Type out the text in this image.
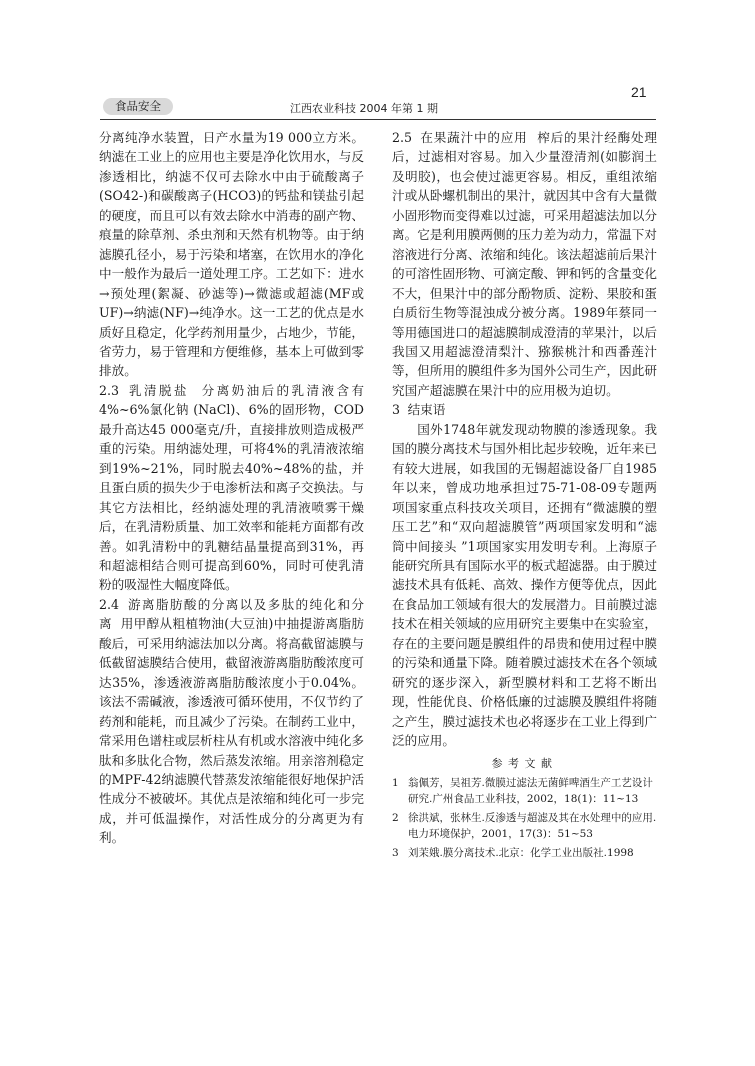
21
食品安全	江西农业科技 2004 年第 1 期

分离纯净水装置，日产水量为19 000立方米。纳滤在工业上的应用也主要是净化饮用水，与反渗透相比，纳滤不仅可去除水中由于硫酸离子(SO42-)和碳酸离子(HCO3)的钙盐和镁盐引起的硬度，而且可以有效去除水中消毒的副产物、痕量的除草剂、杀虫剂和天然有机物等。由于纳滤膜孔径小，易于污染和堵塞，在饮用水的净化中一般作为最后一道处理工序。工艺如下：进水→预处理(絮凝、砂滤等)→微滤或超滤(MF或UF)→纳滤(NF)→纯净水。这一工艺的优点是水质好且稳定，化学药剂用量少，占地少，节能，省劳力，易于管理和方便维修，基本上可做到零排放。

2.3 乳清脱盐 分离奶油后的乳清液含有4%~6%氯化钠 (NaCl)、6%的固形物，COD最升高达45 000毫克/升，直接排放则造成极严重的污染。用纳滤处理，可将4%的乳清液浓缩到19%~21%，同时脱去40%~48%的盐，并且蛋白质的损失少于电渗析法和离子交换法。与其它方法相比，经纳滤处理的乳清液喷雾干燥后，在乳清粉质量、加工效率和能耗方面都有改善。如乳清粉中的乳糖结晶量提高到31%，再和超滤相结合则可提高到60%，同时可使乳清粉的吸湿性大幅度降低。

2.4 游离脂肪酸的分离以及多肽的纯化和分离 用甲醇从粗植物油(大豆油)中抽提游离脂肪酸后，可采用纳滤法加以分离。将高截留滤膜与低截留滤膜结合使用，截留液游离脂肪酸浓度可达35%，渗透液游离脂肪酸浓度小于0.04%。该法不需碱液，渗透液可循环使用，不仅节约了药剂和能耗，而且减少了污染。在制药工业中，常采用色谱柱或层析柱从有机或水溶液中纯化多肽和多肽化合物，然后蒸发浓缩。用亲溶剂稳定的MPF-42纳滤膜代替蒸发浓缩能很好地保护活性成分不被破坏。其优点是浓缩和纯化可一步完成，并可低温操作，对活性成分的分离更为有利。

2.5 在果蔬汁中的应用 榨后的果汁经酶处理后，过滤相对容易。加入少量澄清剂(如膨润土及明胶)，也会使过滤更容易。相反，重组浓缩汁或从卧螺机制出的果汁，就因其中含有大量微小固形物而变得难以过滤，可采用超滤法加以分离。它是利用膜两侧的压力差为动力，常温下对溶液进行分离、浓缩和纯化。该法超滤前后果汁的可溶性固形物、可滴定酸、钾和钙的含量变化不大，但果汁中的部分酚物质、淀粉、果胶和蛋白质衍生物等混浊成分被分离。1989年蔡同一等用德国进口的超滤膜制成澄清的苹果汁，以后我国又用超滤澄清梨汁、猕猴桃汁和西番莲汁等，但所用的膜组件多为国外公司生产，因此研究国产超滤膜在果汁中的应用极为迫切。

3 结束语

国外1748年就发现动物膜的渗透现象。我国的膜分离技术与国外相比起步较晚，近年来已有较大进展，如我国的无锡超滤设备厂自1985年以来，曾成功地承担过75-71-08-09专题两项国家重点科技攻关项目，还拥有“微滤膜的塑压工艺”和“双向超滤膜管”两项国家发明和“滤筒中间接头 ”1项国家实用发明专利。上海原子能研究所具有国际水平的板式超滤器。由于膜过滤技术具有低耗、高效、操作方便等优点，因此在食品加工领域有很大的发展潜力。目前膜过滤技术在相关领域的应用研究主要集中在实验室，存在的主要问题是膜组件的昂贵和使用过程中膜的污染和通量下降。随着膜过滤技术在各个领域研究的逐步深入，新型膜材料和工艺将不断出现，性能优良、价格低廉的过滤膜及膜组件将随之产生，膜过滤技术也必将逐步在工业上得到广泛的应用。

参考文献
1 翁佩芳，吴祖芳.微膜过滤法无菌鲜啤酒生产工艺设计研究.广州食品工业科技，2002，18(1)：11~13
2 徐洪斌，张林生.反渗透与超滤及其在水处理中的应用.电力环境保护，2001，17(3)：51~53
3 刘茉娥.膜分离技术.北京：化学工业出版社.1998
